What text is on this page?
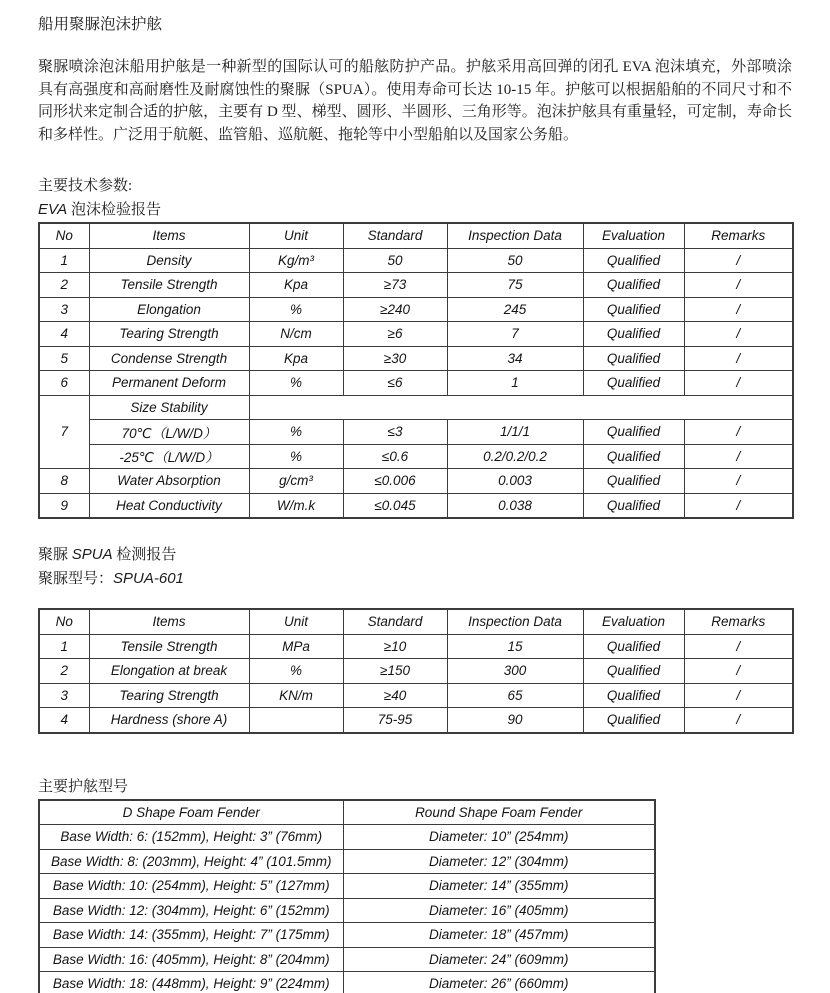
船用聚脲泡沫护舷

聚脲喷涂泡沫船用护舷是一种新型的国际认可的船舷防护产品。护舷采用高回弹的闭孔 EVA 泡沫填充，外部喷涂具有高强度和高耐磨性及耐腐蚀性的聚脲（SPUA）。使用寿命可长达 10-15 年。护舷可以根据船舶的不同尺寸和不同形状来定制合适的护舷，主要有 D 型、梯型、圆形、半圆形、三角形等。泡沫护舷具有重量轻，可定制，寿命长和多样性。广泛用于航艇、监管船、巡航艇、拖轮等中小型船舶以及国家公务船。

主要技术参数:

EVA 泡沫检验报告

No	Items	Unit	Standard	Inspection Data	Evaluation	Remarks
1	Density	Kg/m³	50	50	Qualified	/
2	Tensile Strength	Kpa	≥73	75	Qualified	/
3	Elongation	%	≥240	245	Qualified	/
4	Tearing Strength	N/cm	≥6	7	Qualified	/
5	Condense Strength	Kpa	≥30	34	Qualified	/
6	Permanent Deform	%	≤6	1	Qualified	/
7	Size Stability					
	70℃（L/W/D）	%	≤3	1/1/1	Qualified	/
	-25℃（L/W/D）	%	≤0.6	0.2/0.2/0.2	Qualified	/
8	Water Absorption	g/cm³	≤0.006	0.003	Qualified	/
9	Heat Conductivity	W/m.k	≤0.045	0.038	Qualified	/

聚脲 SPUA 检测报告

聚脲型号：SPUA-601

No	Items	Unit	Standard	Inspection Data	Evaluation	Remarks
1	Tensile Strength	MPa	≥10	15	Qualified	/
2	Elongation at break	%	≥150	300	Qualified	/
3	Tearing Strength	KN/m	≥40	65	Qualified	/
4	Hardness (shore A)		75-95	90	Qualified	/

主要护舷型号

D Shape Foam Fender	Round Shape Foam Fender
Base Width: 6: (152mm), Height: 3” (76mm)	Diameter: 10” (254mm)
Base Width: 8: (203mm), Height: 4” (101.5mm)	Diameter: 12” (304mm)
Base Width: 10: (254mm), Height: 5” (127mm)	Diameter: 14” (355mm)
Base Width: 12: (304mm), Height: 6” (152mm)	Diameter: 16” (405mm)
Base Width: 14: (355mm), Height: 7” (175mm)	Diameter: 18” (457mm)
Base Width: 16: (405mm), Height: 8” (204mm)	Diameter: 24” (609mm)
Base Width: 18: (448mm), Height: 9” (224mm)	Diameter: 26” (660mm)
